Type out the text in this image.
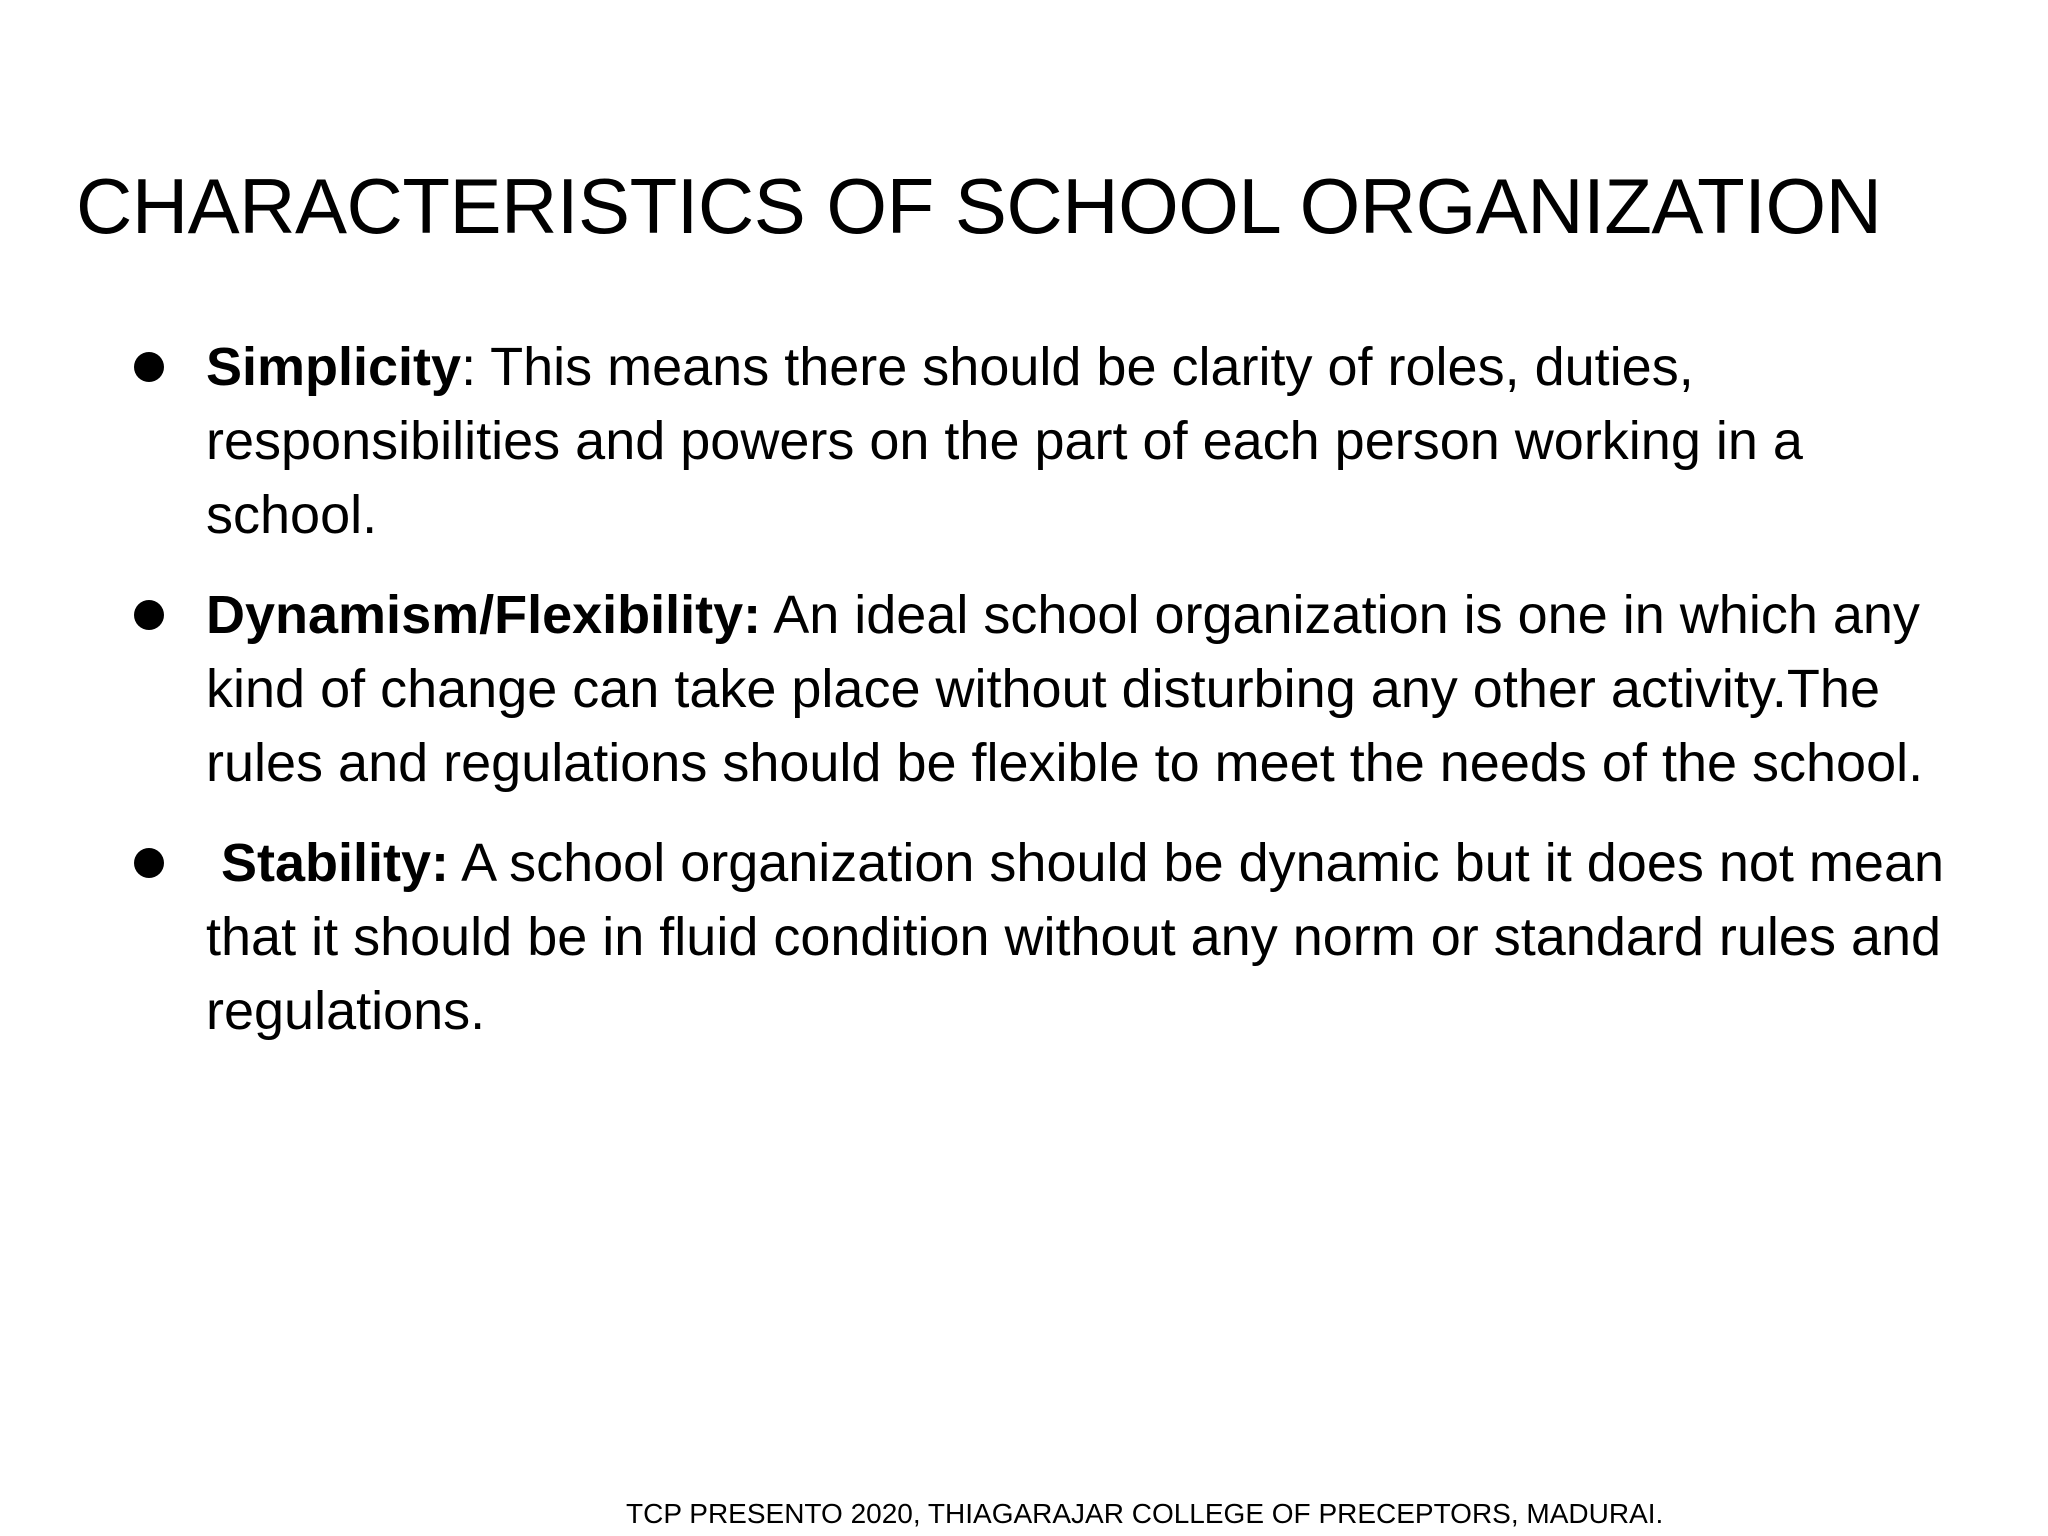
CHARACTERISTICS OF SCHOOL ORGANIZATION
Simplicity: This means there should be clarity of roles, duties, responsibilities and powers on the part of each person working in a school.
Dynamism/Flexibility: An ideal school organization is one in which any kind of change can take place without disturbing any other activity.The rules and regulations should be flexible to meet the needs of the school.
Stability: A school organization should be dynamic but it does not mean that it should be in fluid condition without any norm or standard rules and regulations.
TCP PRESENTO 2020, THIAGARAJAR COLLEGE OF PRECEPTORS, MADURAI.
